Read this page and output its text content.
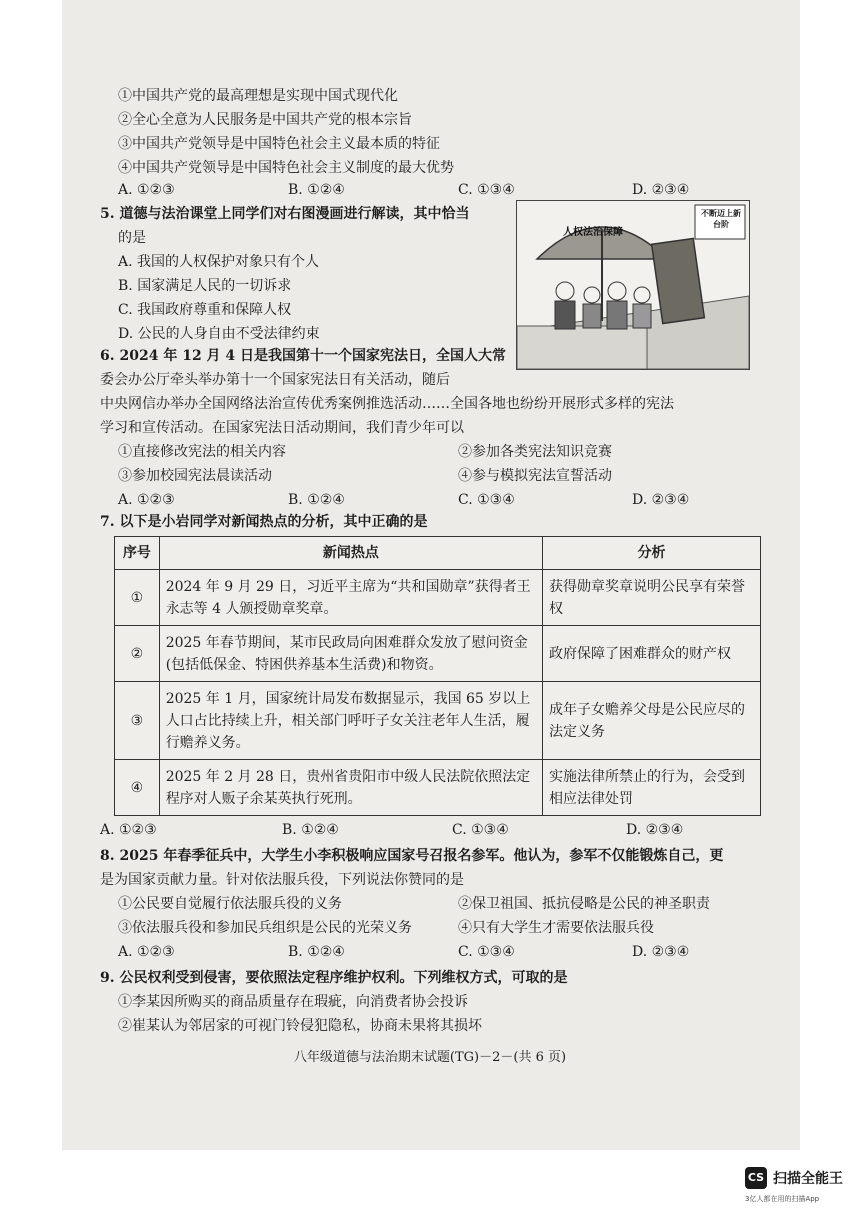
①中国共产党的最高理想是实现中国式现代化
②全心全意为人民服务是中国共产党的根本宗旨
③中国共产党领导是中国特色社会主义最本质的特征
④中国共产党领导是中国特色社会主义制度的最大优势
A. ①②③	B. ①②④	C. ①③④	D. ②③④
5. 道德与法治课堂上同学们对右图漫画进行解读，其中恰当
的是
A. 我国的人权保护对象只有个人
B. 国家满足人民的一切诉求
C. 我国政府尊重和保障人权
D. 公民的人身自由不受法律约束
人权法治保障
不断迈上新台阶
6. 2024 年 12 月 4 日是我国第十一个国家宪法日，全国人大常
委会办公厅牵头举办第十一个国家宪法日有关活动，随后
中央网信办举办全国网络法治宣传优秀案例推选活动……全国各地也纷纷开展形式多样的宪法
学习和宣传活动。在国家宪法日活动期间，我们青少年可以
①直接修改宪法的相关内容	②参加各类宪法知识竞赛
③参加校园宪法晨读活动	④参与模拟宪法宣誓活动
A. ①②③	B. ①②④	C. ①③④	D. ②③④
7. 以下是小岩同学对新闻热点的分析，其中正确的是
序号	新闻热点	分析
①	2024 年 9 月 29 日，习近平主席为“共和国勋章”获得者王永志等 4 人颁授勋章奖章。	获得勋章奖章说明公民享有荣誉权
②	2025 年春节期间，某市民政局向困难群众发放了慰问资金(包括低保金、特困供养基本生活费)和物资。	政府保障了困难群众的财产权
③	2025 年 1 月，国家统计局发布数据显示，我国 65 岁以上人口占比持续上升，相关部门呼吁子女关注老年人生活，履行赡养义务。	成年子女赡养父母是公民应尽的法定义务
④	2025 年 2 月 28 日，贵州省贵阳市中级人民法院依照法定程序对人贩子余某英执行死刑。	实施法律所禁止的行为，会受到相应法律处罚
A. ①②③	B. ①②④	C. ①③④	D. ②③④
8. 2025 年春季征兵中，大学生小李积极响应国家号召报名参军。他认为，参军不仅能锻炼自己，更
是为国家贡献力量。针对依法服兵役，下列说法你赞同的是
①公民要自觉履行依法服兵役的义务	②保卫祖国、抵抗侵略是公民的神圣职责
③依法服兵役和参加民兵组织是公民的光荣义务	④只有大学生才需要依法服兵役
A. ①②③	B. ①②④	C. ①③④	D. ②③④
9. 公民权利受到侵害，要依照法定程序维护权利。下列维权方式，可取的是
①李某因所购买的商品质量存在瑕疵，向消费者协会投诉
②崔某认为邻居家的可视门铃侵犯隐私，协商未果将其损坏
八年级道德与法治期末试题(TG)－2－(共 6 页)
CS 扫描全能王
3亿人都在用的扫描App
